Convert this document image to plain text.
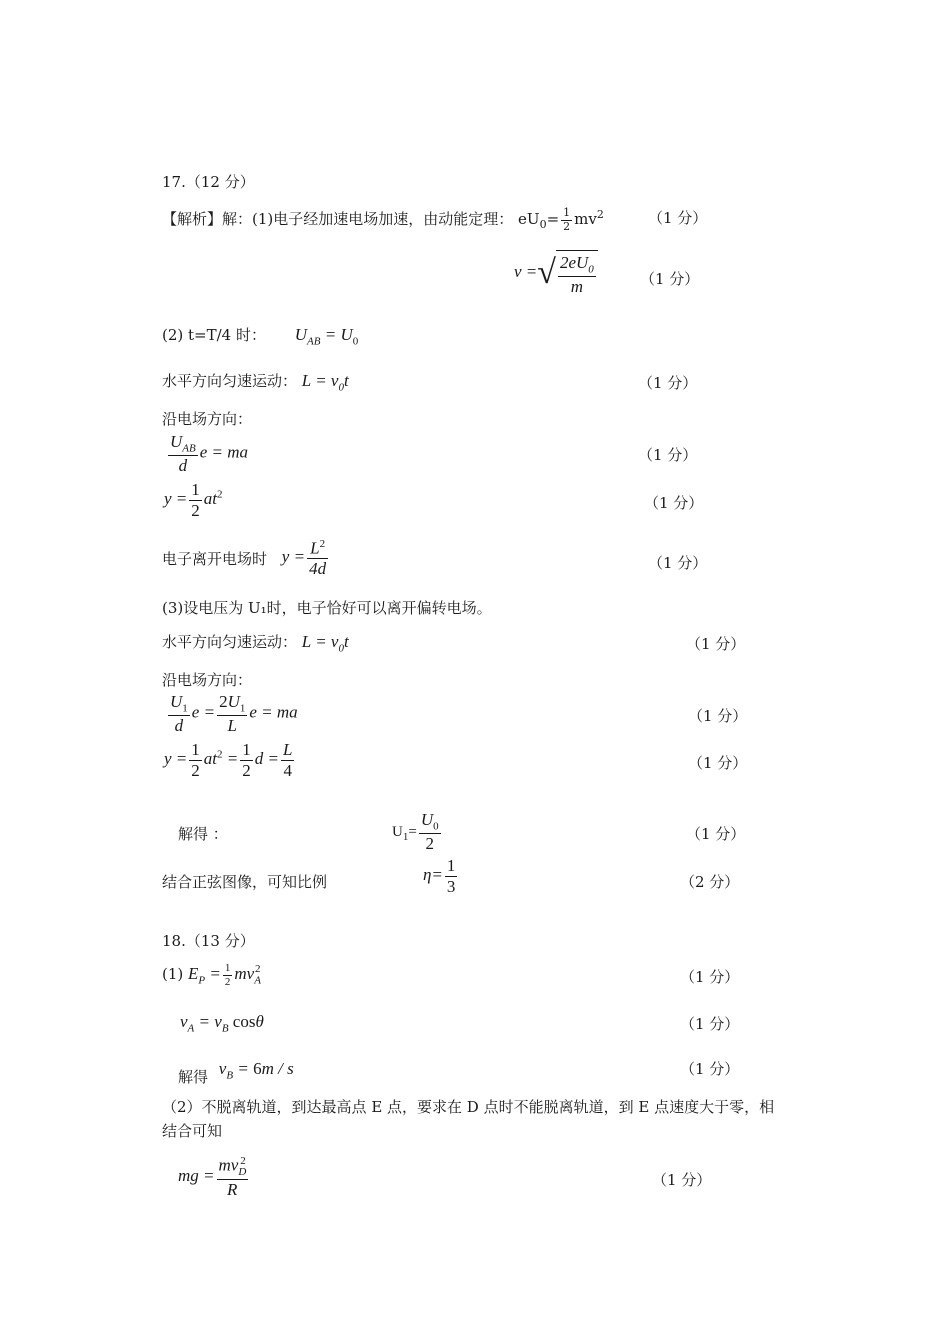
17.（12 分）
【解析】解：(1)电子经加速电场加速，由动能定理： $eU_0= \frac{1}{2} mv^2$	（1 分）
v =√ $\frac{2eU_0}{m}$	（1 分）
(2) t=T/4 时： $U_{AB} = U_0$
水平方向匀速运动： $L = v_0t$	（1 分）
沿电场方向：
$\frac{U_{AB}}{d}$ e = ma	（1 分）
$y = \frac{1}{2} at^2$	（1 分）
电子离开电场时 $y = \frac{L^2}{4d}$	（1 分）
(3)设电压为 U₁时，电子恰好可以离开偏转电场。
水平方向匀速运动： $L = v_0t$	（1 分）
沿电场方向：
$\frac{U_1}{d}$ $e = \frac{2U_1}{L}$ e = ma	（1 分）
$y = \frac{1}{2} at^2 = \frac{1}{2}$ $d = \frac{L}{4}$	（1 分）
解得 ：	$U_1= \frac{U_0}{2}$	（1 分）
结合正弦图像，可知比例	$\eta= \frac{1}{3}$	（2 分）
18.（13 分）
(1) $E_P = \frac{1}{2} mv_A^2$	（1 分）
$v_A = v_B$ cosθ	（1 分）
解得 $v_B = 6m / s$	（1 分）
（2）不脱离轨道，到达最高点 E 点，要求在 D 点时不能脱离轨道，到 E 点速度大于零，相
结合可知
mg = $\frac{mv_D^2}{R}$	（1 分）
